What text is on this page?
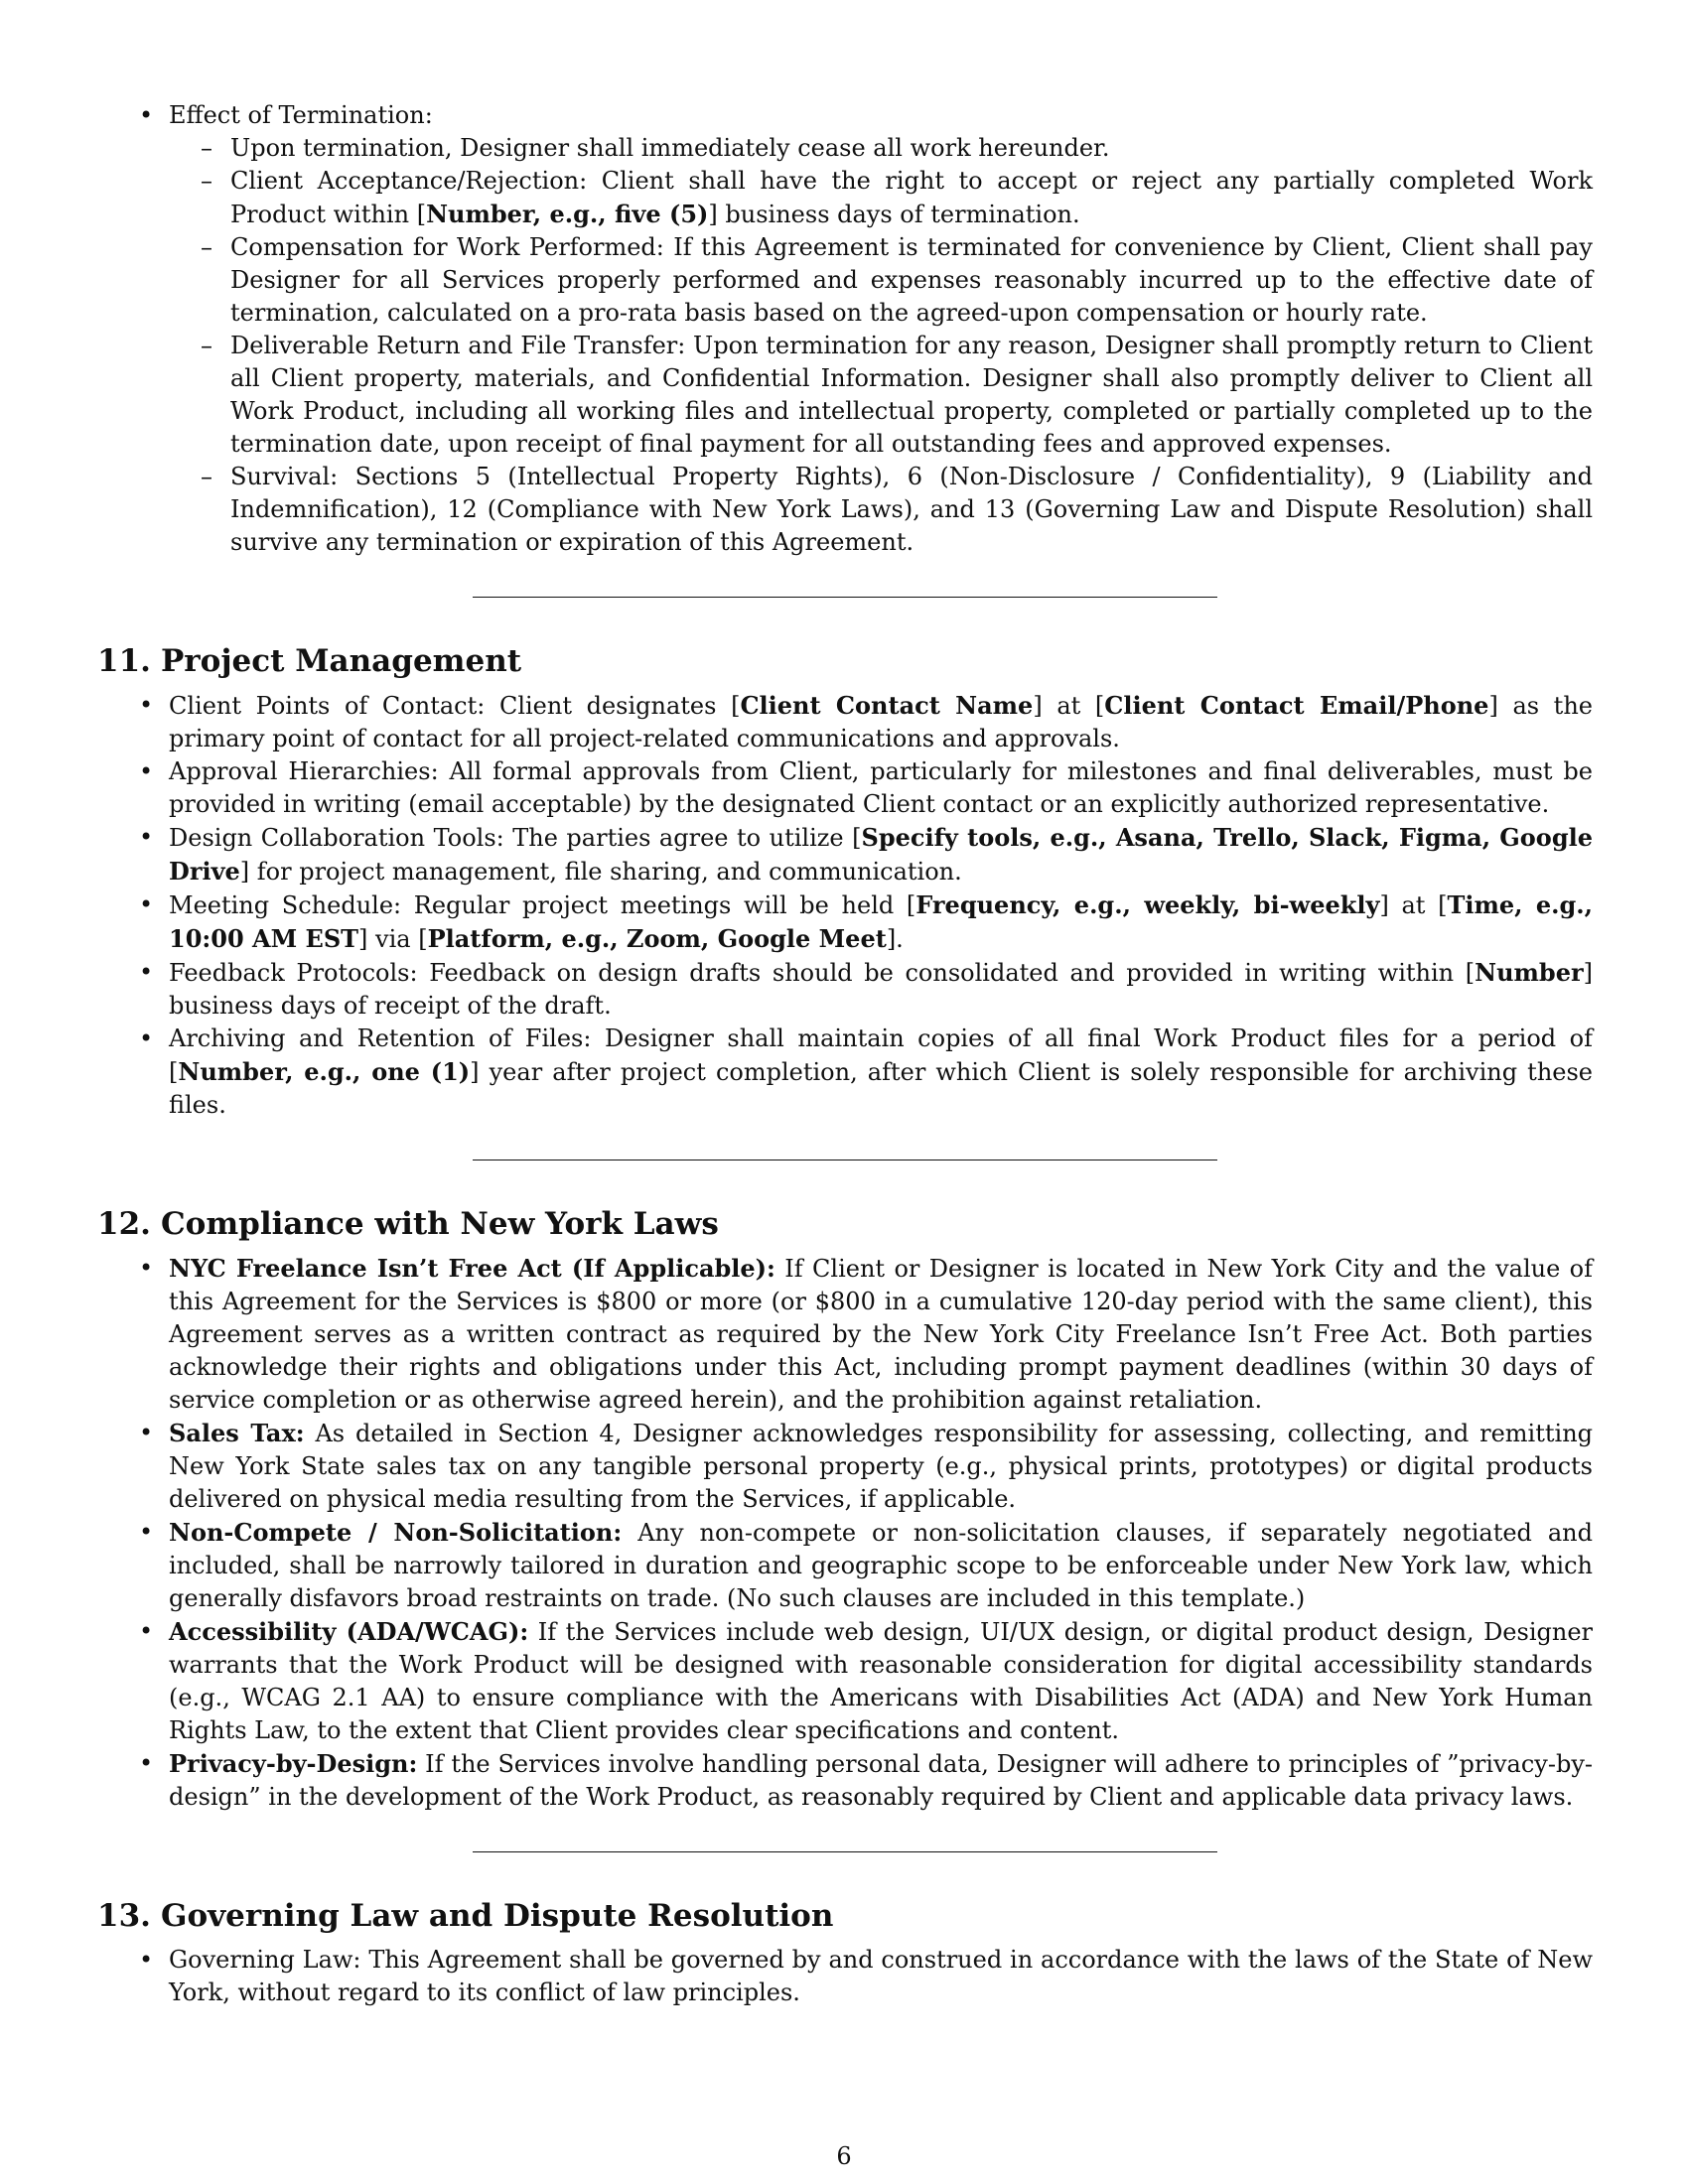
• Effect of Termination:
– Upon termination, Designer shall immediately cease all work hereunder.
– Client Acceptance/Rejection: Client shall have the right to accept or reject any partially completed Work Product within [Number, e.g., five (5)] business days of termination.
– Compensation for Work Performed: If this Agreement is terminated for convenience by Client, Client shall pay Designer for all Services properly performed and expenses reasonably incurred up to the effective date of termination, calculated on a pro-rata basis based on the agreed-upon compensation or hourly rate.
– Deliverable Return and File Transfer: Upon termination for any reason, Designer shall promptly return to Client all Client property, materials, and Confidential Information. Designer shall also promptly deliver to Client all Work Product, including all working files and intellectual property, completed or partially completed up to the termination date, upon receipt of final payment for all outstanding fees and approved expenses.
– Survival: Sections 5 (Intellectual Property Rights), 6 (Non-Disclosure / Confidentiality), 9 (Liability and Indemnification), 12 (Compliance with New York Laws), and 13 (Governing Law and Dispute Resolution) shall survive any termination or expiration of this Agreement.
11. Project Management
• Client Points of Contact: Client designates [Client Contact Name] at [Client Contact Email/Phone] as the primary point of contact for all project-related communications and approvals.
• Approval Hierarchies: All formal approvals from Client, particularly for milestones and final deliverables, must be provided in writing (email acceptable) by the designated Client contact or an explicitly authorized representative.
• Design Collaboration Tools: The parties agree to utilize [Specify tools, e.g., Asana, Trello, Slack, Figma, Google Drive] for project management, file sharing, and communication.
• Meeting Schedule: Regular project meetings will be held [Frequency, e.g., weekly, bi-weekly] at [Time, e.g., 10:00 AM EST] via [Platform, e.g., Zoom, Google Meet].
• Feedback Protocols: Feedback on design drafts should be consolidated and provided in writing within [Number] business days of receipt of the draft.
• Archiving and Retention of Files: Designer shall maintain copies of all final Work Product files for a period of [Number, e.g., one (1)] year after project completion, after which Client is solely responsible for archiving these files.
12. Compliance with New York Laws
• NYC Freelance Isn’t Free Act (If Applicable): If Client or Designer is located in New York City and the value of this Agreement for the Services is $800 or more (or $800 in a cumulative 120-day period with the same client), this Agreement serves as a written contract as required by the New York City Freelance Isn’t Free Act. Both parties acknowledge their rights and obligations under this Act, including prompt payment deadlines (within 30 days of service completion or as otherwise agreed herein), and the prohibition against retaliation.
• Sales Tax: As detailed in Section 4, Designer acknowledges responsibility for assessing, collecting, and remitting New York State sales tax on any tangible personal property (e.g., physical prints, prototypes) or digital products delivered on physical media resulting from the Services, if applicable.
• Non-Compete / Non-Solicitation: Any non-compete or non-solicitation clauses, if separately negotiated and included, shall be narrowly tailored in duration and geographic scope to be enforceable under New York law, which generally disfavors broad restraints on trade. (No such clauses are included in this template.)
• Accessibility (ADA/WCAG): If the Services include web design, UI/UX design, or digital product design, Designer warrants that the Work Product will be designed with reasonable consideration for digital accessibility standards (e.g., WCAG 2.1 AA) to ensure compliance with the Americans with Disabilities Act (ADA) and New York Human Rights Law, to the extent that Client provides clear specifications and content.
• Privacy-by-Design: If the Services involve handling personal data, Designer will adhere to principles of ”privacy-by-design” in the development of the Work Product, as reasonably required by Client and applicable data privacy laws.
13. Governing Law and Dispute Resolution
• Governing Law: This Agreement shall be governed by and construed in accordance with the laws of the State of New York, without regard to its conflict of law principles.
6
